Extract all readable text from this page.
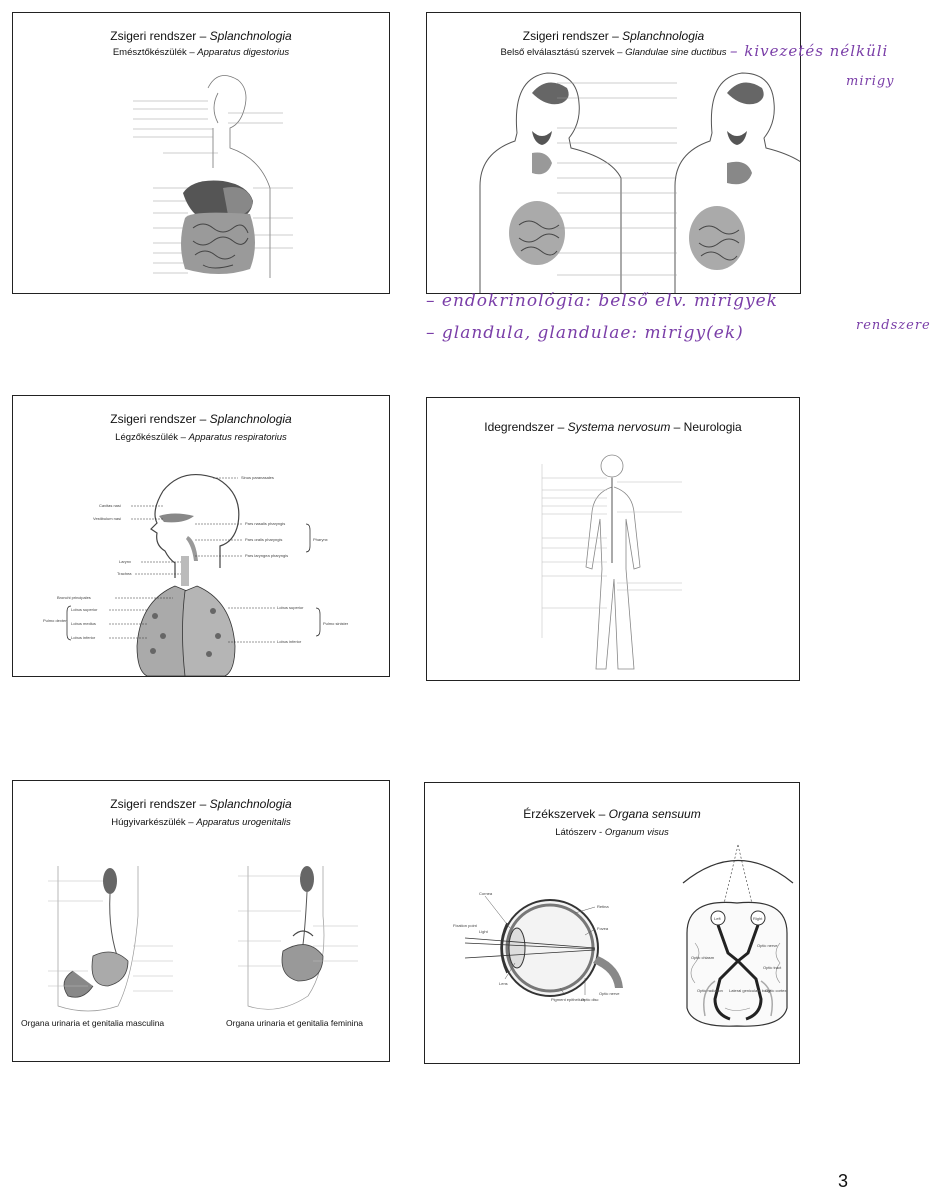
Zsigeri rendszer – Splanchnologia
Emésztőkészülék – Apparatus digestorius
Zsigeri rendszer – Splanchnologia
Belső elválasztású szervek – Glandulae sine ductibus – kivezetés nélküli
mirigy
– endokrinológia: belső elv. mirigyek
– glandula, glandulae: mirigy(ek)	rendszere
Zsigeri rendszer – Splanchnologia
Légzőkészülék – Apparatus respiratorius
Sinus paranasales
Cavitas nasi
Vestibulum nasi
Pars nasalis pharyngis
Pars oralis pharyngis
Pars laryngea pharyngis
Pharynx
Larynx
Trachea
Bronchi principales
Lobus superior
Lobus medius
Lobus inferior
Lobus superior
Lobus inferior
Pulmo dexter
Pulmo sinister
Idegrendszer – Systema nervosum – Neurologia
Zsigeri rendszer – Splanchnologia
Húgyivarkészülék – Apparatus urogenitalis
Organa urinaria et genitalia masculina	Organa urinaria et genitalia feminina
Érzékszervek – Organa sensuum
Látószerv - Organum visus
Cornea
Fixation point
Light
Retina
Fovea
Lens
Pigment epithelium
Optic disc
Optic nerve
Left	Right
Optic nerve
Optic chiasm
Optic tract
Lateral geniculate body
Optic radiation	Optic cortex
3
